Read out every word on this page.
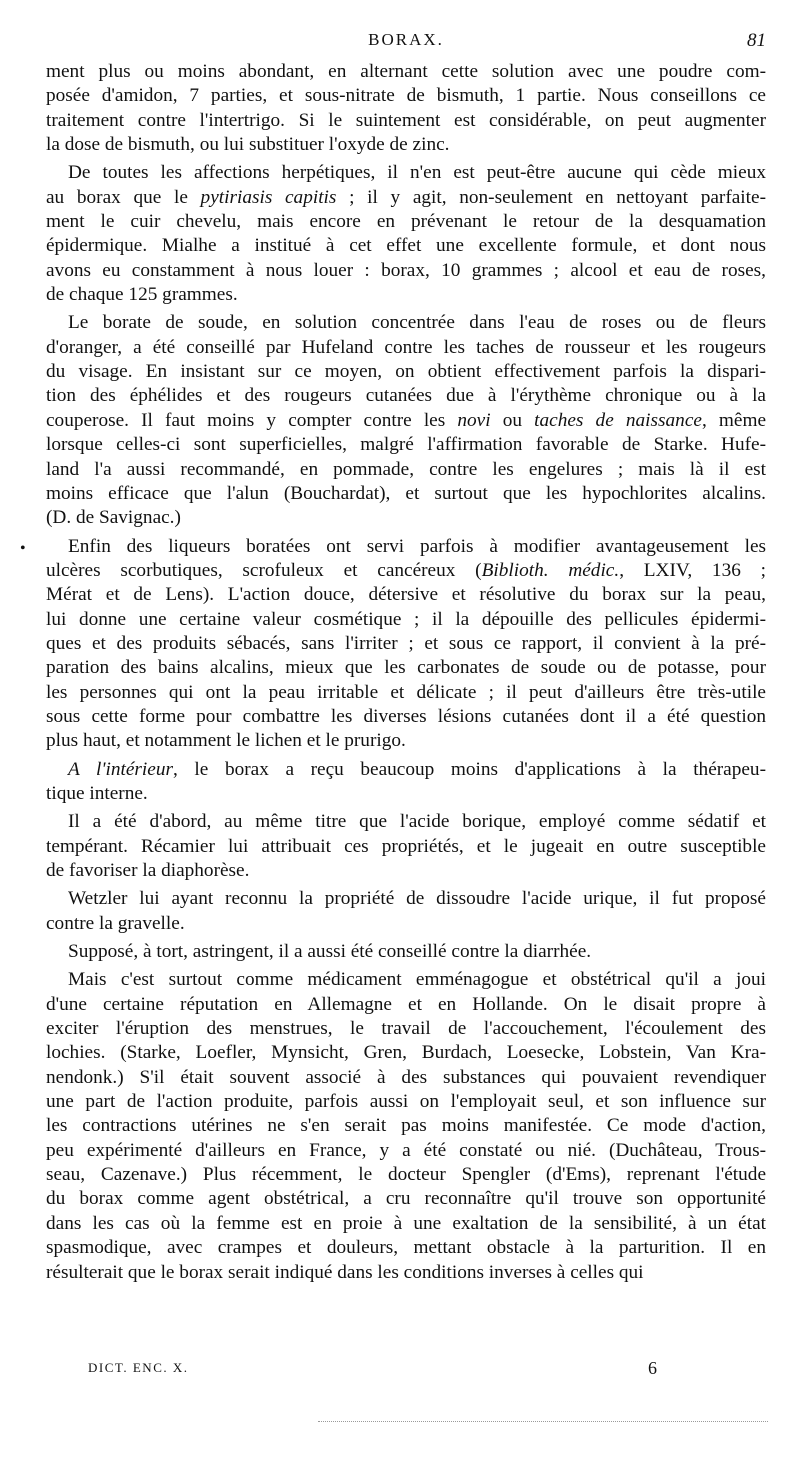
BORAX.	81
•
ment plus ou moins abondant, en alternant cette solution avec une poudre com-
posée d'amidon, 7 parties, et sous-nitrate de bismuth, 1 partie. Nous conseillons ce
traitement contre l'intertrigo. Si le suintement est considérable, on peut augmenter
la dose de bismuth, ou lui substituer l'oxyde de zinc.
De toutes les affections herpétiques, il n'en est peut-être aucune qui cède mieux
au borax que le pytiriasis capitis ; il y agit, non-seulement en nettoyant parfaite-
ment le cuir chevelu, mais encore en prévenant le retour de la desquamation
épidermique. Mialhe a institué à cet effet une excellente formule, et dont nous
avons eu constamment à nous louer : borax, 10 grammes ; alcool et eau de roses,
de chaque 125 grammes.
Le borate de soude, en solution concentrée dans l'eau de roses ou de fleurs
d'oranger, a été conseillé par Hufeland contre les taches de rousseur et les rougeurs
du visage. En insistant sur ce moyen, on obtient effectivement parfois la dispari-
tion des éphélides et des rougeurs cutanées due à l'érythème chronique ou à la
couperose. Il faut moins y compter contre les novi ou taches de naissance, même
lorsque celles-ci sont superficielles, malgré l'affirmation favorable de Starke. Hufe-
land l'a aussi recommandé, en pommade, contre les engelures ; mais là il est
moins efficace que l'alun (Bouchardat), et surtout que les hypochlorites alcalins.
(D. de Savignac.)
Enfin des liqueurs boratées ont servi parfois à modifier avantageusement les
ulcères scorbutiques, scrofuleux et cancéreux (Biblioth. médic., LXIV, 136 ;
Mérat et de Lens). L'action douce, détersive et résolutive du borax sur la peau,
lui donne une certaine valeur cosmétique ; il la dépouille des pellicules épidermi-
ques et des produits sébacés, sans l'irriter ; et sous ce rapport, il convient à la pré-
paration des bains alcalins, mieux que les carbonates de soude ou de potasse, pour
les personnes qui ont la peau irritable et délicate ; il peut d'ailleurs être très-utile
sous cette forme pour combattre les diverses lésions cutanées dont il a été question
plus haut, et notamment le lichen et le prurigo.
A l'intérieur, le borax a reçu beaucoup moins d'applications à la thérapeu-
tique interne.
Il a été d'abord, au même titre que l'acide borique, employé comme sédatif et
tempérant. Récamier lui attribuait ces propriétés, et le jugeait en outre susceptible
de favoriser la diaphorèse.
Wetzler lui ayant reconnu la propriété de dissoudre l'acide urique, il fut proposé
contre la gravelle.
Supposé, à tort, astringent, il a aussi été conseillé contre la diarrhée.
Mais c'est surtout comme médicament emménagogue et obstétrical qu'il a joui
d'une certaine réputation en Allemagne et en Hollande. On le disait propre à
exciter l'éruption des menstrues, le travail de l'accouchement, l'écoulement des
lochies. (Starke, Loefler, Mynsicht, Gren, Burdach, Loesecke, Lobstein, Van Kra-
nendonk.) S'il était souvent associé à des substances qui pouvaient revendiquer
une part de l'action produite, parfois aussi on l'employait seul, et son influence sur
les contractions utérines ne s'en serait pas moins manifestée. Ce mode d'action,
peu expérimenté d'ailleurs en France, y a été constaté ou nié. (Duchâteau, Trous-
seau, Cazenave.) Plus récemment, le docteur Spengler (d'Ems), reprenant l'étude
du borax comme agent obstétrical, a cru reconnaître qu'il trouve son opportunité
dans les cas où la femme est en proie à une exaltation de la sensibilité, à un état
spasmodique, avec crampes et douleurs, mettant obstacle à la parturition. Il en
résulterait que le borax serait indiqué dans les conditions inverses à celles qui
DICT. ENC. X.	6
